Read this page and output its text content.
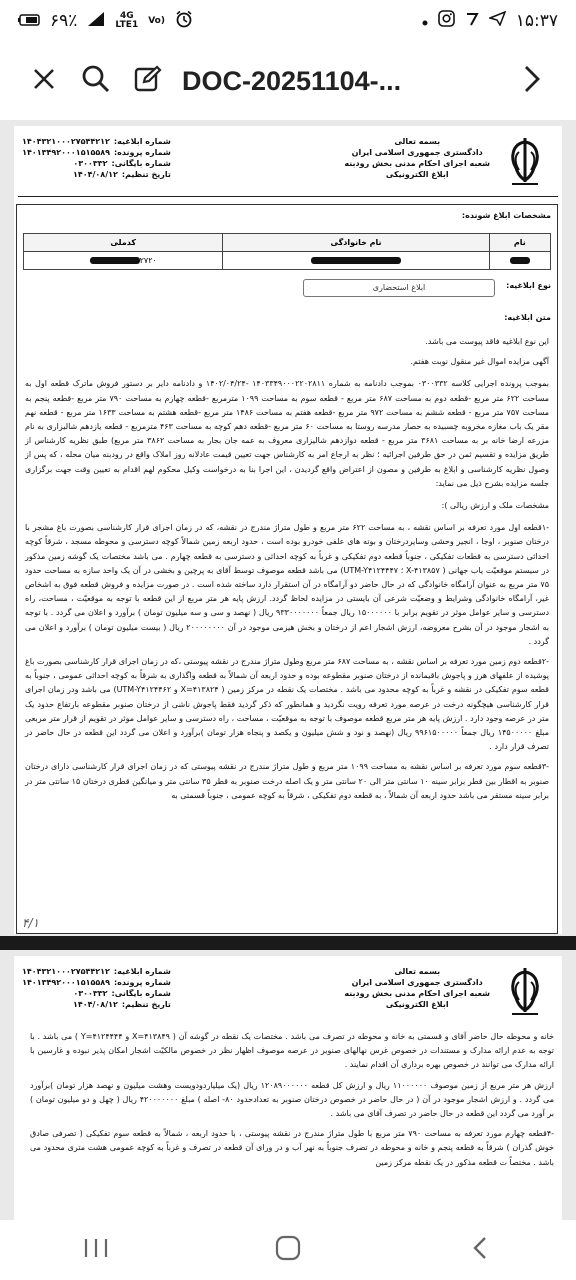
۶۹٪	4G
LTE1 Vo)	۱۵:۳۷
DOC-20251104-...
بسمه تعالی
دادگستری جمهوری اسلامی ایران
شعبه اجرای احکام مدنی بخش رودبنه
ابلاغ الکترونیکی
شماره ابلاغیه:
۱۴۰۴۳۲۱۰۰۰۲۷۵۴۴۲۱۲
شماره پرونده:
۱۴۰۱۳۴۹۲۰۰۰۱۵۱۵۵۸۹
شماره بایگانی:
۰۳۰۰۳۳۲
تاریخ تنظیم:
۱۴۰۴/۰۸/۱۲
مشخصات ابلاغ شونده:
نام	نام خانوادگی	کدملی
		۲۷۲۰
نوع ابلاغیه:
ابلاغ استحضاری
متن ابلاغیه:

این نوع ابلاغیه فاقد پیوست می باشد.

آگهی مزایده اموال غیر منقول نوبت هفتم.

بموجب پرونده اجرایی کلاسه ۰۳۰۰۳۳۲ بموجب دادنامه به شماره ۱۴۰۳۳۴۹۰۰۰۲۲۰۲۸۱۱ -۱۴۰۲/۰۴/۲۴ و دادنامه دایر بر دستور فروش ماترک قطعه اول به مساحت ۶۲۲ متر مربع -قطعه دوم به مساحت ۶۸۷ متر مربع - قطعه سوم به مساحت ۱۰۹۹ مترمربع -قطعه چهارم به مساحت ۷۹۰ متر مربع -قطعه پنجم به مساحت ۷۵۷ متر مربع - قطعه ششم به مساحت ۹۷۲ متر مربع -قطعه هفتم به مساحت ۱۴۸۶ متر مربع -قطعه هشتم به مساحت ۱۶۳۳ متر مربع - قطعه نهم مقر یک باب مغازه مخروبه چسبیده به حصار مدرسه روستا به مساحت ۶۰ متر مربع -قطعه دهم کوچه به مساحت ۴۶۳ مترمربع - قطعه یازدهم شالیزاری به نام مزرعه ارضا خانه بر به مساحت ۳۶۸۱ متر مربع - قطعه دوازدهم شالیزاری معروف به عمه جان بجار به مساحت ۳۸۶۲ متر مربع) طبق نظریه کارشناس از طریق مزایده و تقسیم ثمن در حق طرفین اجرائیه ؛ نظر به ارجاع امر به کارشناس جهت تعیین قیمت عادلانه روز املاک واقع در رودبنه میان محله ، که پس از وصول نظریه کارشناسی و ابلاغ به طرفین و مصون از اعتراض واقع گردیدن ، این اجرا بنا به درخواست وکیل محکوم لهم اقدام به تعیین وقت جهت برگزاری جلسه مزایده بشرح ذیل می نماید:

مشخصات ملک و ارزش ریالی ):

-۱قطعه اول مورد تعرفه بر اساس نقشه ، به مساحت ۶۲۲ متر مربع و طول متراژ مندرج در نقشه، که در زمان اجرای قرار کارشناسی بصورت باغ مشجر با درختان صنوبر ، اوجا ، انجیر وحشی وسایردرختان و بوته های علفی خودرو بوده است ، حدود اربعه زمین شمالاً کوچه دسترسی و محوطه مسجد ، شرقاً کوچه احداثی دسترسی به قطعات تفکیکی ، جنوباً قطعه دوم تفکیکی و غرباً به کوچه احداثی و دسترسی به قطعه چهارم . می باشد مختصات یک گوشه زمین مذکور در سیستم موقعیّت یاب جهانی ( X-۴۱۳۸۵۷ ؛ UTM-Y۴۱۲۴۴۴۷) می باشد قطعه موصوف توسط آقای به پرچین و بخشی در آن یک واحد سازه به مساحت حدود ۷۵ متر مربع به عنوان آرامگاه خانوادگی که در حال حاضر دو آرامگاه در آن استقرار دارد ساخته شده است . در صورت مزایده و فروش قطعه فوق به اشخاص غیر، آرامگاه خانوادگی وشرایط و وضعیّت شرعی آن بایستی در مزایده لحاظ گردد. ارزش پایه هر متر مربع از این قطعه با توجه به موقعیّت ، مساحت، راه دسترسی و سایر عوامل موثر در تقویم برابر با ۱۵۰۰۰۰۰۰ ریال جمعاً ۹۳۳۰۰۰۰۰۰۰ ریال ( نهصد و سی و سه میلیون تومان ) برآورد و اعلان می گردد . با توجه به اشجار موجود در آن بشرح معروضه، ارزش اشجار اعم از درختان و بخش هیزمی موجود در آن ۲۰۰۰۰۰۰۰۰ ریال ( بیست میلیون تومان ) برآورد و اعلان می گردد .

-۲قطعه دوم زمین مورد تعرفه بر اساس نقشه ، به مساحت ۶۸۷ متر مربع وطول متراژ مندرج در نقشه پیوستی ،که در زمان اجرای قرار کارشناسی بصورت باغ پوشیده از علفهای هرز و پاجوش باقیمانده از درختان صنوبر مقطوعه بوده و حدود اربعه آن شمالاً به قطعه واگذاری به شرقاً به کوچه احداثی عمومی ، جنوباً به قطعه سوم تفکیکی در نقشه و غرباً به کوچه محدود می باشد . مختصات یک نقطه در مرکز زمین ( X=۴۱۳۸۲۴ و UTM-Y۴۱۲۴۴۶۲) می باشد ودر زمان اجرای قرار کارشناسی هیچگونه درخت در عرصه مورد تعرفه رویت نگردید و همانطور که ذکر گردید فقط پاجوش ناشی از درختان صنوبر مقطوعه بارتفاع حدود یک متر در عرصه وجود دارد . ارزش پایه هر متر مربع قطعه موصوف با توجه به موقعیّت ، مساحت ، راه دسترسی و سایر عوامل موثر در تقویم از قرار متر مربعی مبلغ ۱۴۵۰۰۰۰۰ ریال جمعاً ۹۹۶۱۵۰۰۰۰۰ ریال (نهصد و نود و شش میلیون و یکصد و پنجاه هزار تومان )برآورد و اعلان می گردد این قطعه در حال حاضر در تصرف قرار دارد .

-۳قطعه سوم مورد تعرفه بر اساس نقشه به مساحت ۱۰۹۹ متر مربع و طول متراژ مندرج در نقشه پیوستی که در زمان اجرای قرار کارشناسی دارای درختان صنوبر به اقطار بین قطر برابر سینه ۱۰ سانتی متر الی ۲۰ سانتی متر و یک اصله درخت صنوبر به قطر ۳۵ سانتی متر و میانگین قطری درختان ۱۵ سانتی متر در برابر سینه مستقر می باشد حدود اربعه آن شمالاً ، به قطعه دوم تفکیکی ، شرقاً به کوچه عمومی ، جنوباً قسمتی به

۴/۱
بسمه تعالی
دادگستری جمهوری اسلامی ایران
شعبه اجرای احکام مدنی بخش رودبنه
ابلاغ الکترونیکی
شماره ابلاغیه:
۱۴۰۴۳۲۱۰۰۰۲۷۵۴۴۲۱۲
شماره پرونده:
۱۴۰۱۳۴۹۲۰۰۰۱۵۱۵۵۸۹
شماره بایگانی:
۰۳۰۰۳۳۲
تاریخ تنظیم:
۱۴۰۴/۰۸/۱۲

خانه و محوطه حال حاضر آقای و قسمتی به خانه و محوطه در تصرف می باشد . مختصات یک نقطه در گوشه آن ( X=۴۱۳۸۴۹ و Y=۴۱۲۴۴۴۴ ) می باشد . با توجه به عدم ارائه مدارک و مستندات در خصوص غرس نهالهای صنوبر در عرصه موصوف اظهار نظر در خصوص مالکیّت اشجار امکان پذیر نبوده و غارسین با ارائه مدارک می توانند در خصوص بهره برداری آن اقدام نمایند .

ارزش هر متر مربع از زمین موصوف ۱۱۰۰۰۰۰۰ ریال و ارزش کل قطعه ۱۲۰۸۹۰۰۰۰۰۰ ریال (یک میلیاردودویست وهشت میلیون و نهصد هزار تومان )برآورد می گردد . و ارزش اشجار موجود در آن ( در حال حاضر در خصوص درختان صنوبر به تعدادحدود ۸۰- اصله ) مبلغ ۴۲۰۰۰۰۰۰۰ ریال ( چهل و دو میلیون تومان ) بر آورد می گردد این قطعه در حال حاضر در تصرف آقای می باشد .

-۴قطعه چهارم مورد تعرفه به مساحت ۷۹۰ متر مربع با طول متراژ مندرج در نقشه پیوستی ، با حدود اربعه ، شمالاً به قطعه سوم تفکیکی ( تصرفی صادق خوش گذران ) شرقاً به قطعه پنجم و خانه و محوطه در تصرف جنوباً به نهر آب و در ورای آن قطعه در تصرف و غرباً به کوچه عمومی هشت متری محدود می باشد . مختصاً ت قطعه مذکور در یک نقطه مرکز زمین
